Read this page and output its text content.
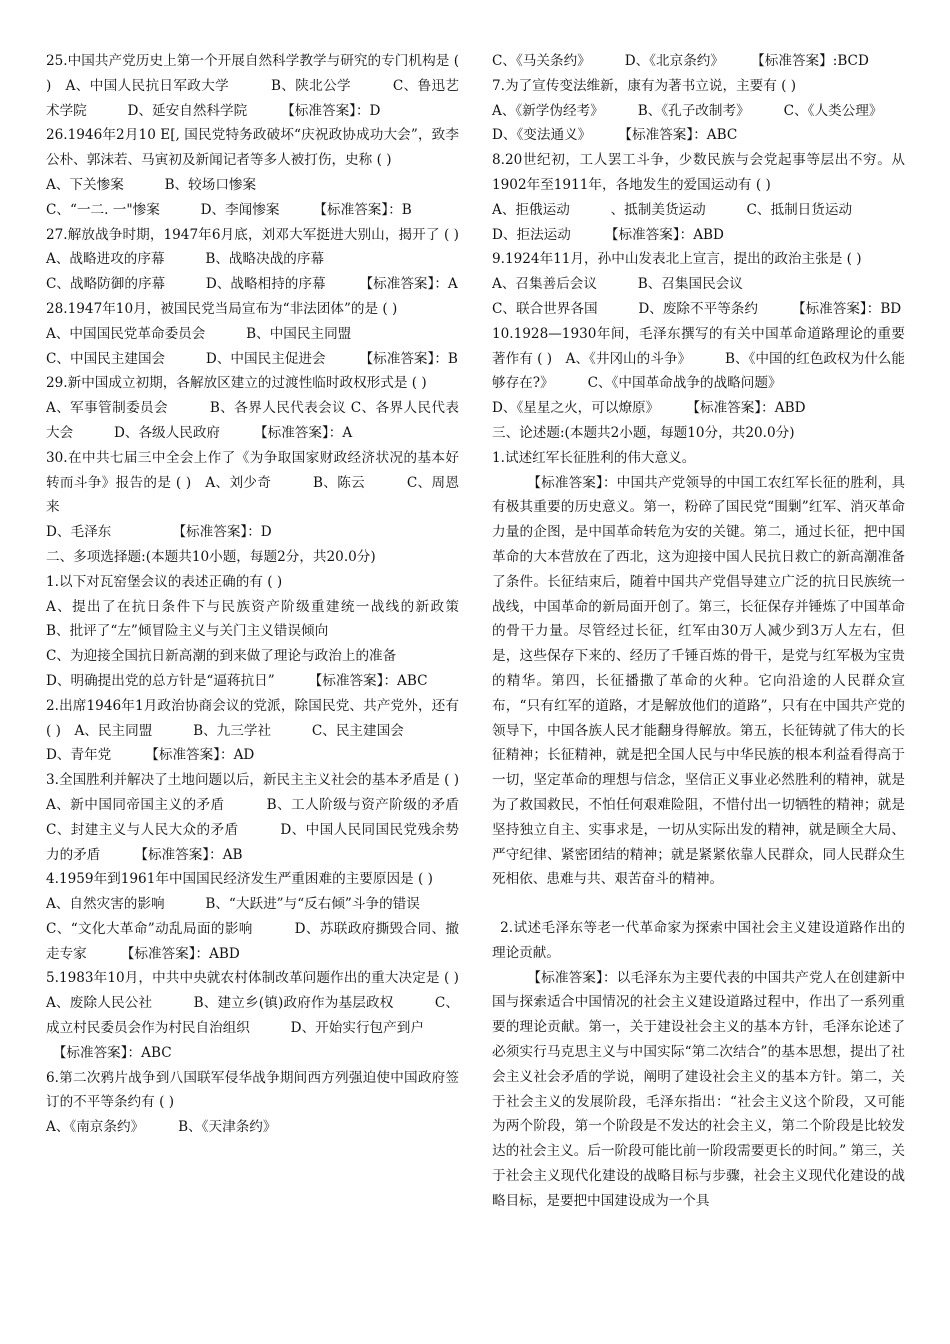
25.中国共产党历史上第一个开展自然科学教学与研究的专门机构是 ( )　A、中国人民抗日军政大学　　　B、陕北公学　　　C、鲁迅艺术学院　　　D、延安自然科学院　　　【标准答案】：D

26.1946年2月10 E[, 国民党特务政破坏“庆祝政协成功大会”，致李公朴、郭沫若、马寅初及新闻记者等多人被打伤，史称 ( )

A、下关惨案　　　B、较场口惨案

C、“一二. 一"惨案　　　D、李闻惨案　　　【标准答案】：B

27.解放战争时期，1947年6月底，刘邓大军挺进大别山，揭开了 ( )　A、战略进攻的序幕　　　B、战略决战的序幕

C、战略防御的序幕　　　D、战略相持的序幕　　　【标准答案】：A

28.1947年10月，被国民党当局宣布为“非法团体”的是 ( )

A、中国国民党革命委员会　　　B、中国民主同盟

C、中国民主建国会　　　D、中国民主促进会　　　【标准答案】：B

29.新中国成立初期，各解放区建立的过渡性临时政权形式是 ( )

A、军事管制委员会　　　B、各界人民代表会议 C、各界人民代表大会　　　D、各级人民政府　　　【标准答案】：A

30.在中共七届三中全会上作了《为争取国家财政经济状况的基本好转而斗争》报告的是 ( )　A、刘少奇　　　B、陈云　　　C、周恩来

D、毛泽东　　　　　【标准答案】：D

二、多项选择题:(本题共10小题，每题2分，共20.0分)

1.以下对瓦窑堡会议的表述正确的有 ( )

A、提出了在抗日条件下与民族资产阶级重建统一战线的新政策　　　B、批评了“左”倾冒险主义与关门主义错误倾向

C、为迎接全国抗日新高潮的到来做了理论与政治上的准备

D、明确提出党的总方针是“逼蒋抗日”　　　【标准答案】：ABC

2.出席1946年1月政治协商会议的党派，除国民党、共产党外，还有 ( )　A、民主同盟　　　B、九三学社　　　C、民主建国会

D、青年党　　　【标准答案】：AD

3.全国胜利并解决了土地问题以后，新民主主义社会的基本矛盾是 ( )　A、新中国同帝国主义的矛盾　　　B、工人阶级与资产阶级的矛盾　　　C、封建主义与人民大众的矛盾　　　D、中国人民同国民党残余势力的矛盾　　　【标准答案】：AB

4.1959年到1961年中国国民经济发生严重困难的主要原因是 ( )

A、自然灾害的影响　　　B、“大跃进”与“反右倾”斗争的错误

C、“文化大革命”动乱局面的影响　　　D、苏联政府撕毁合同、撤走专家　　　【标准答案】：ABD

5.1983年10月，中共中央就农村体制改革问题作出的重大决定是 ( )　A、废除人民公社　　　B、建立乡(镇)政府作为基层政权　　　C、成立村民委员会作为村民自治组织　　　D、开始实行包产到户

　【标准答案】：ABC

6.第二次鸦片战争到八国联军侵华战争期间西方列强迫使中国政府签订的不平等条约有 ( )

A、《南京条约》　　　B、《天津条约》

C、《马关条约》　　　D、《北京条约》　　　【标准答案】:BCD

7.为了宣传变法维新，康有为著书立说，主要有 ( )

A、《新学伪经考》　　　B、《孔子改制考》　　　C、《人类公理》

D、《变法通义》　　　【标准答案】：ABC

8.20世纪初，工人罢工斗争，少数民族与会党起事等层出不穷。从1902年至1911年，各地发生的爱国运动有 ( )

A、拒俄运动　　　、抵制美货运动　　　C、抵制日货运动

D、拒法运动　　　【标准答案】：ABD

9.1924年11月，孙中山发表北上宣言，提出的政治主张是 ( )

A、召集善后会议　　　B、召集国民会议

C、联合世界各国　　　D、废除不平等条约　　　【标准答案】：BD

10.1928—1930年间，毛泽东撰写的有关中国革命道路理论的重要著作有 ( )　A、《井冈山的斗争》　　　B、《中国的红色政权为什么能够存在?》　　　C、《中国革命战争的战略问题》

D、《星星之火，可以燎原》　　　【标准答案】：ABD

三、论述题:(本题共2小题，每题10分，共20.0分)

1.试述红军长征胜利的伟大意义。

【标准答案】：中国共产党领导的中国工农红军长征的胜利，具有极其重要的历史意义。第一，粉碎了国民党“围剿”红军、消灭革命力量的企图，是中国革命转危为安的关键。第二，通过长征，把中国革命的大本营放在了西北，这为迎接中国人民抗日救亡的新高潮准备了条件。长征结束后，随着中国共产党倡导建立广泛的抗日民族统一战线，中国革命的新局面开创了。第三，长征保存并锤炼了中国革命的骨干力量。尽管经过长征，红军由30万人减少到3万人左右，但是，这些保存下来的、经历了千锤百炼的骨干，是党与红军极为宝贵的精华。第四，长征播撒了革命的火种。它向沿途的人民群众宣布，“只有红军的道路，才是解放他们的道路”，只有在中国共产党的领导下，中国各族人民才能翻身得解放。第五，长征铸就了伟大的长征精神；长征精神，就是把全国人民与中华民族的根本利益看得高于一切，坚定革命的理想与信念，坚信正义事业必然胜利的精神，就是为了救国救民，不怕任何艰难险阻，不惜付出一切牺牲的精神；就是坚持独立自主、实事求是，一切从实际出发的精神，就是顾全大局、严守纪律、紧密团结的精神；就是紧紧依靠人民群众，同人民群众生死相依、患难与共、艰苦奋斗的精神。

2.试述毛泽东等老一代革命家为探索中国社会主义建设道路作出的理论贡献。

【标准答案】：以毛泽东为主要代表的中国共产党人在创建新中国与探索适合中国情况的社会主义建设道路过程中，作出了一系列重要的理论贡献。第一，关于建设社会主义的基本方针，毛泽东论述了必须实行马克思主义与中国实际“第二次结合”的基本思想，提出了社会主义社会矛盾的学说，阐明了建设社会主义的基本方针。第二，关于社会主义的发展阶段，毛泽东指出：“社会主义这个阶段，又可能为两个阶段，第一个阶段是不发达的社会主义，第二个阶段是比较发达的社会主义。后一阶段可能比前一阶段需要更长的时间。” 第三，关于社会主义现代化建设的战略目标与步骤，社会主义现代化建设的战略目标，是要把中国建设成为一个具
